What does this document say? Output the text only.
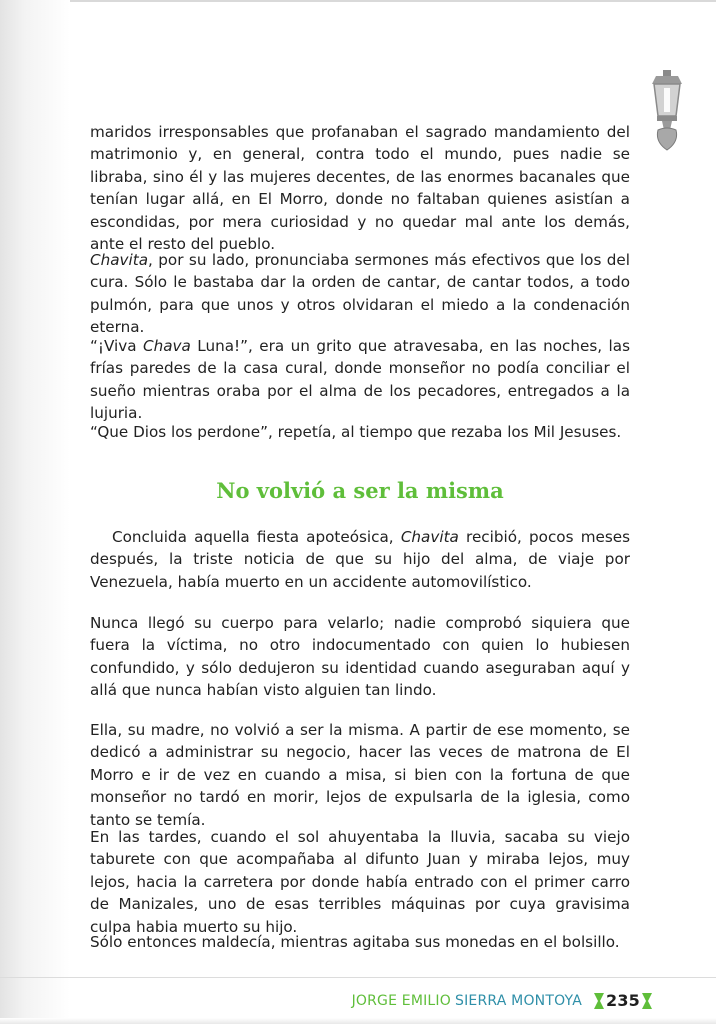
maridos irresponsables que profanaban el sagrado mandamiento del matrimonio y, en general, contra todo el mundo, pues nadie se libraba, sino él y las mujeres decentes, de las enormes bacanales que tenían lugar allá, en El Morro, donde no faltaban quienes asistían a escondidas, por mera curiosidad y no quedar mal ante los demás, ante el resto del pueblo.

Chavita, por su lado, pronunciaba sermones más efectivos que los del cura. Sólo le bastaba dar la orden de cantar, de cantar todos, a todo pulmón, para que unos y otros olvidaran el miedo a la condenación eterna.

“¡Viva Chava Luna!”, era un grito que atravesaba, en las noches, las frías paredes de la casa cural, donde monseñor no podía conciliar el sueño mientras oraba por el alma de los pecadores, entregados a la lujuria.

“Que Dios los perdone”, repetía, al tiempo que rezaba los Mil Jesuses.

No volvió a ser la misma

Concluida aquella fiesta apoteósica, Chavita recibió, pocos meses después, la triste noticia de que su hijo del alma, de viaje por Venezuela, había muerto en un accidente automovilístico.

Nunca llegó su cuerpo para velarlo; nadie comprobó siquiera que fuera la víctima, no otro indocumentado con quien lo hubiesen confundido, y sólo dedujeron su identidad cuando aseguraban aquí y allá que nunca habían visto alguien tan lindo.

Ella, su madre, no volvió a ser la misma. A partir de ese momento, se dedicó a administrar su negocio, hacer las veces de matrona de El Morro e ir de vez en cuando a misa, si bien con la fortuna de que monseñor no tardó en morir, lejos de expulsarla de la iglesia, como tanto se temía.

En las tardes, cuando el sol ahuyentaba la lluvia, sacaba su viejo taburete con que acompañaba al difunto Juan y miraba lejos, muy lejos, hacia la carretera por donde había entrado con el primer carro de Manizales, uno de esas terribles máquinas por cuya gravisima culpa habia muerto su hijo.

Sólo entonces maldecía, mientras agitaba sus monedas en el bolsillo.

JORGE EMILIO SIERRA MONTOYA 235
